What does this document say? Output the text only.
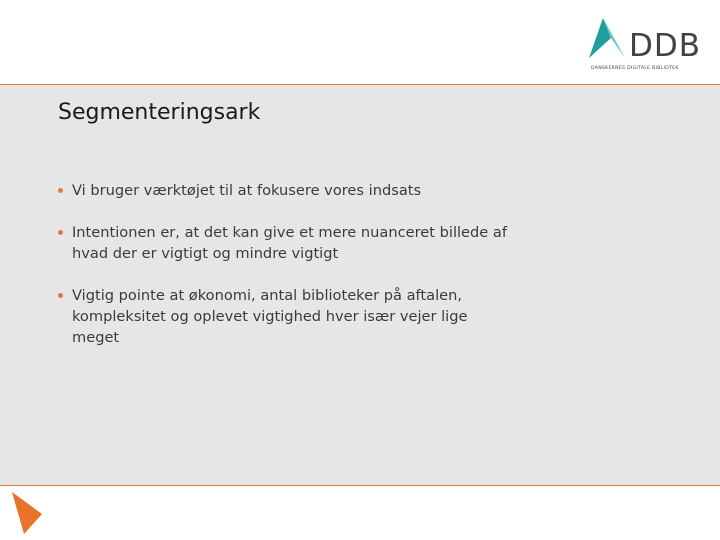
DDB
DANSKERNES DIGITALE BIBLIOTEK
Segmenteringsark
Vi bruger værktøjet til at fokusere vores indsats
Intentionen er, at det kan give et mere nuanceret billede af
hvad der er vigtigt og mindre vigtigt
Vigtig pointe at økonomi, antal biblioteker på aftalen,
kompleksitet og oplevet vigtighed hver især vejer lige
meget
